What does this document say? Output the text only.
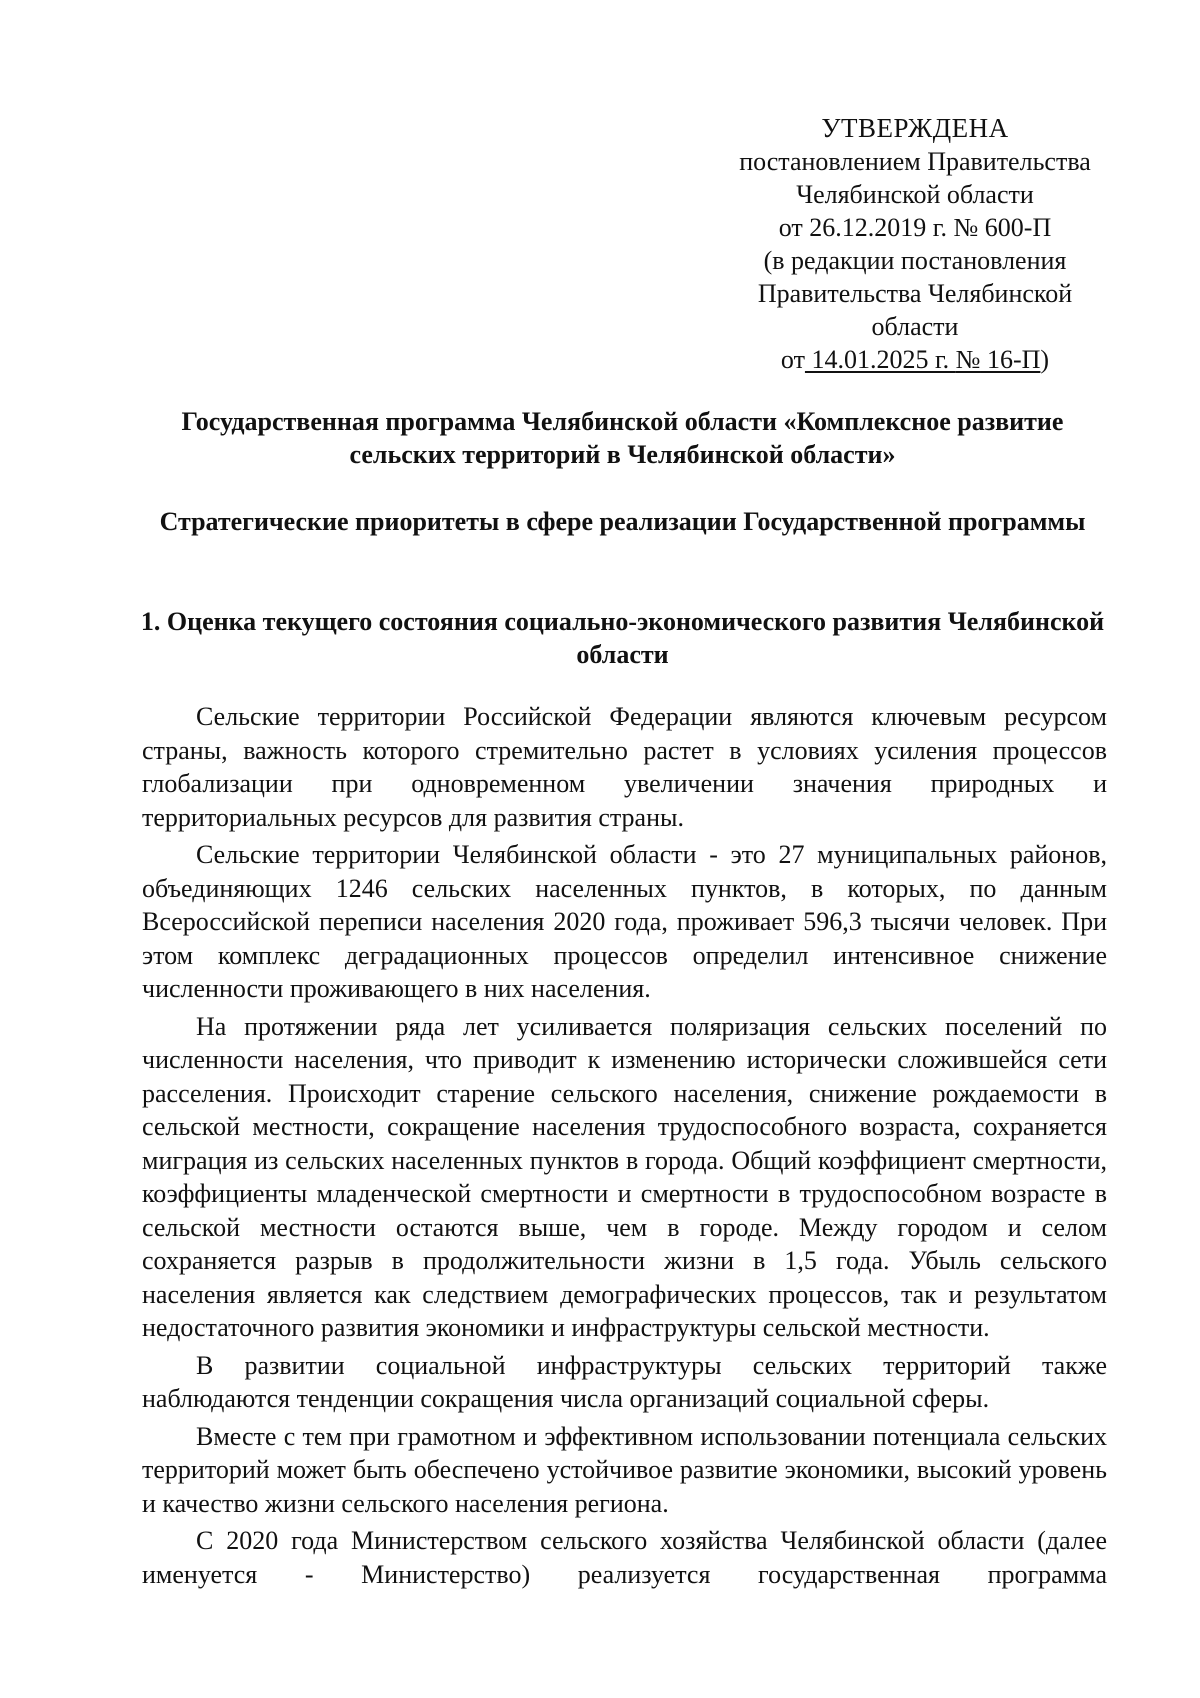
УТВЕРЖДЕНА
постановлением Правительства
Челябинской области
от 26.12.2019 г. № 600-П
(в редакции постановления
Правительства Челябинской
области
от 14.01.2025 г. № 16-П)
Государственная программа Челябинской области «Комплексное развитие сельских территорий в Челябинской области»
Стратегические приоритеты в сфере реализации Государственной программы
1. Оценка текущего состояния социально-экономического развития Челябинской области

Сельские территории Российской Федерации являются ключевым ресурсом страны, важность которого стремительно растет в условиях усиления процессов глобализации при одновременном увеличении значения природных и территориальных ресурсов для развития страны.

Сельские территории Челябинской области - это 27 муниципальных районов, объединяющих 1246 сельских населенных пунктов, в которых, по данным Всероссийской переписи населения 2020 года, проживает 596,3 тысячи человек. При этом комплекс деградационных процессов определил интенсивное снижение численности проживающего в них населения.

На протяжении ряда лет усиливается поляризация сельских поселений по численности населения, что приводит к изменению исторически сложившейся сети расселения. Происходит старение сельского населения, снижение рождаемости в сельской местности, сокращение населения трудоспособного возраста, сохраняется миграция из сельских населенных пунктов в города. Общий коэффициент смертности, коэффициенты младенческой смертности и смертности в трудоспособном возрасте в сельской местности остаются выше, чем в городе. Между городом и селом сохраняется разрыв в продолжительности жизни в 1,5 года. Убыль сельского населения является как следствием демографических процессов, так и результатом недостаточного развития экономики и инфраструктуры сельской местности.

В развитии социальной инфраструктуры сельских территорий также наблюдаются тенденции сокращения числа организаций социальной сферы.

Вместе с тем при грамотном и эффективном использовании потенциала сельских территорий может быть обеспечено устойчивое развитие экономики, высокий уровень и качество жизни сельского населения региона.

С 2020 года Министерством сельского хозяйства Челябинской области (далее именуется - Министерство) реализуется государственная программа
